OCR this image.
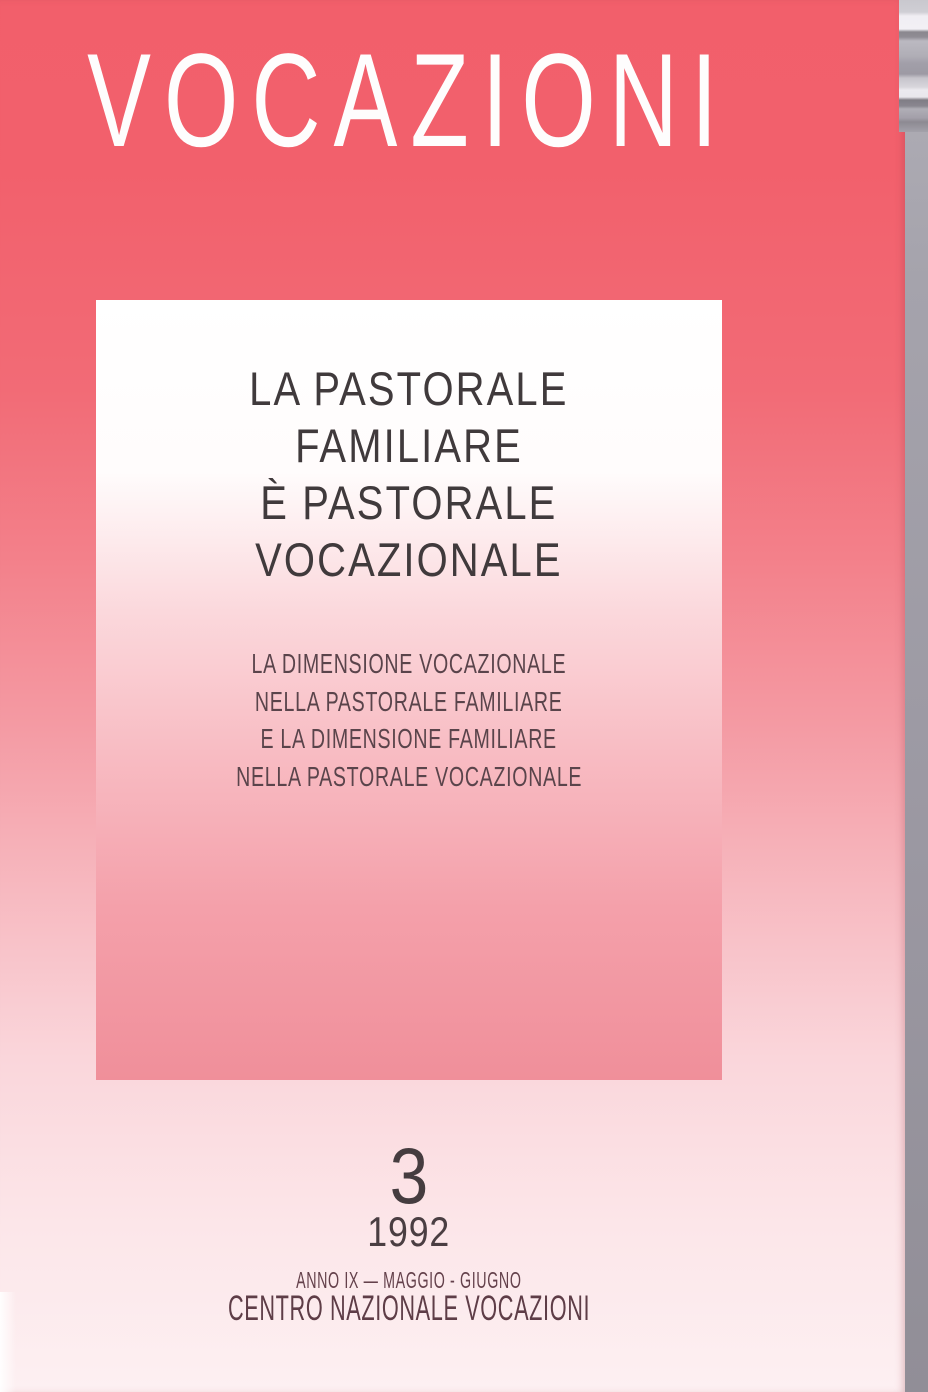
VOCAZIONI
LA PASTORALE
FAMILIARE
È PASTORALE
VOCAZIONALE
LA DIMENSIONE VOCAZIONALE
NELLA PASTORALE FAMILIARE
E LA DIMENSIONE FAMILIARE
NELLA PASTORALE VOCAZIONALE
3
1992
ANNO IX — MAGGIO - GIUGNO
CENTRO NAZIONALE VOCAZIONI
